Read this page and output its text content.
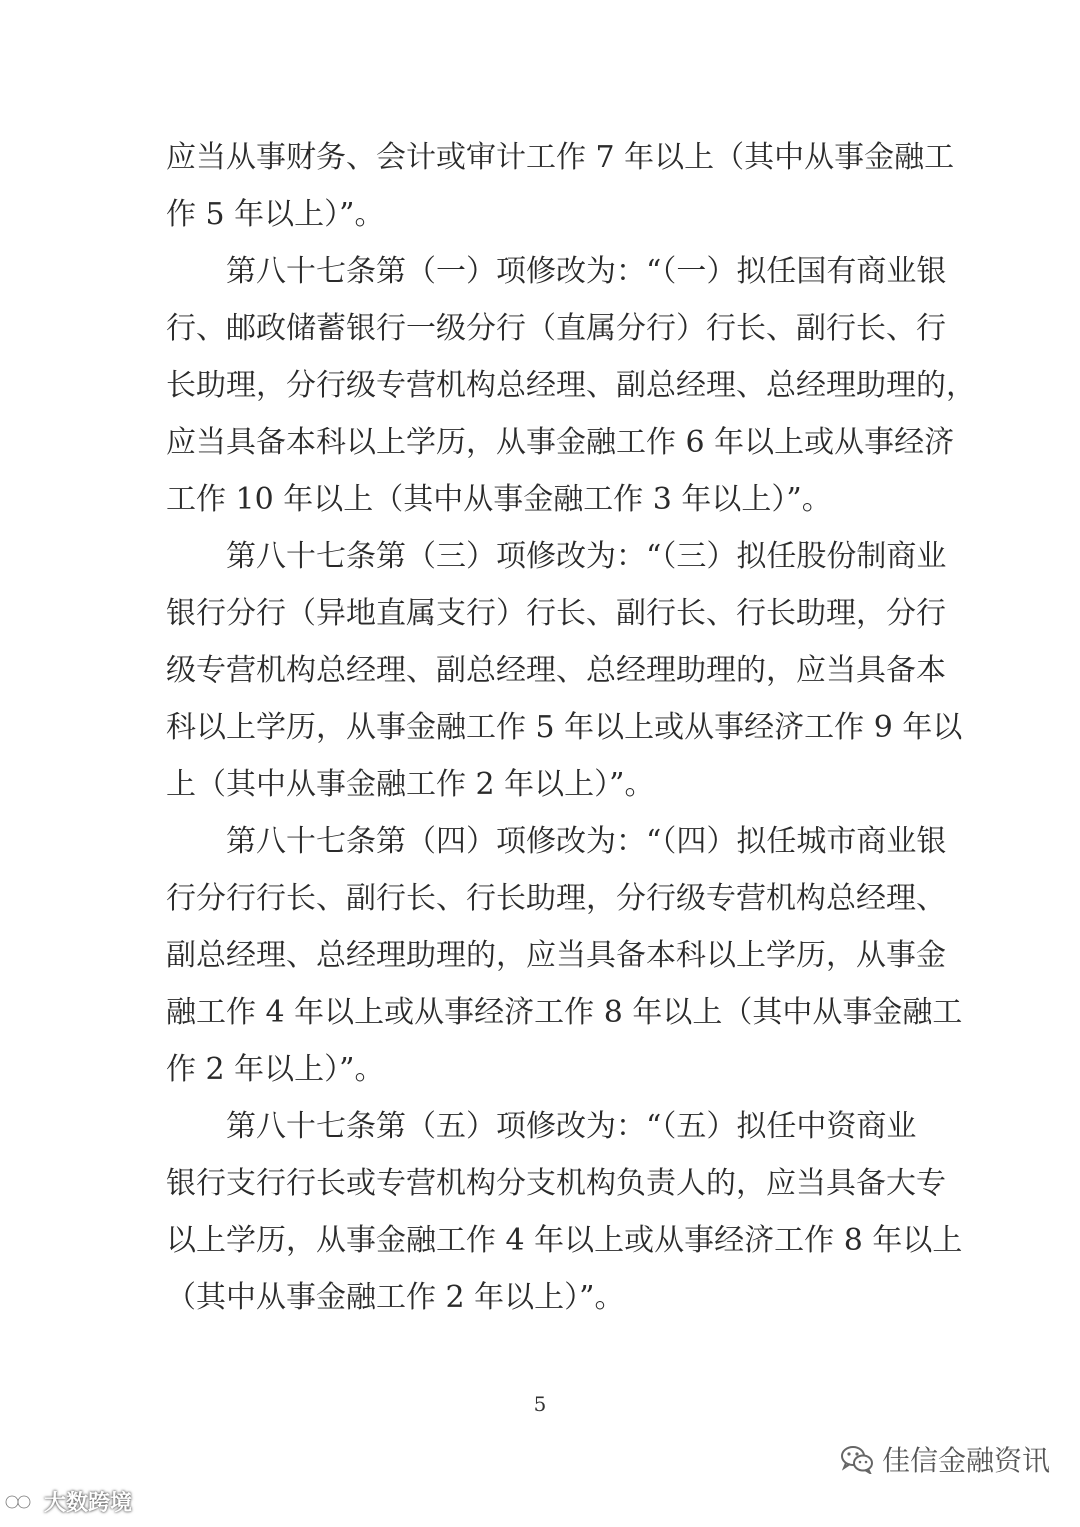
应当从事财务、会计或审计工作 7 年以上（其中从事金融工
作 5 年以上）”。
第八十七条第（一）项修改为：“（一）拟任国有商业银
行、邮政储蓄银行一级分行（直属分行）行长、副行长、行
长助理，分行级专营机构总经理、副总经理、总经理助理的，
应当具备本科以上学历，从事金融工作 6 年以上或从事经济
工作 10 年以上（其中从事金融工作 3 年以上）”。
第八十七条第（三）项修改为：“（三）拟任股份制商业
银行分行（异地直属支行）行长、副行长、行长助理，分行
级专营机构总经理、副总经理、总经理助理的，应当具备本
科以上学历，从事金融工作 5 年以上或从事经济工作 9 年以
上（其中从事金融工作 2 年以上）”。
第八十七条第（四）项修改为：“（四）拟任城市商业银
行分行行长、副行长、行长助理，分行级专营机构总经理、
副总经理、总经理助理的，应当具备本科以上学历，从事金
融工作 4 年以上或从事经济工作 8 年以上（其中从事金融工
作 2 年以上）”。
第八十七条第（五）项修改为：“（五）拟任中资商业
银行支行行长或专营机构分支机构负责人的，应当具备大专
以上学历，从事金融工作 4 年以上或从事经济工作 8 年以上
（其中从事金融工作 2 年以上）”。
5
佳信金融资讯
大数跨境
